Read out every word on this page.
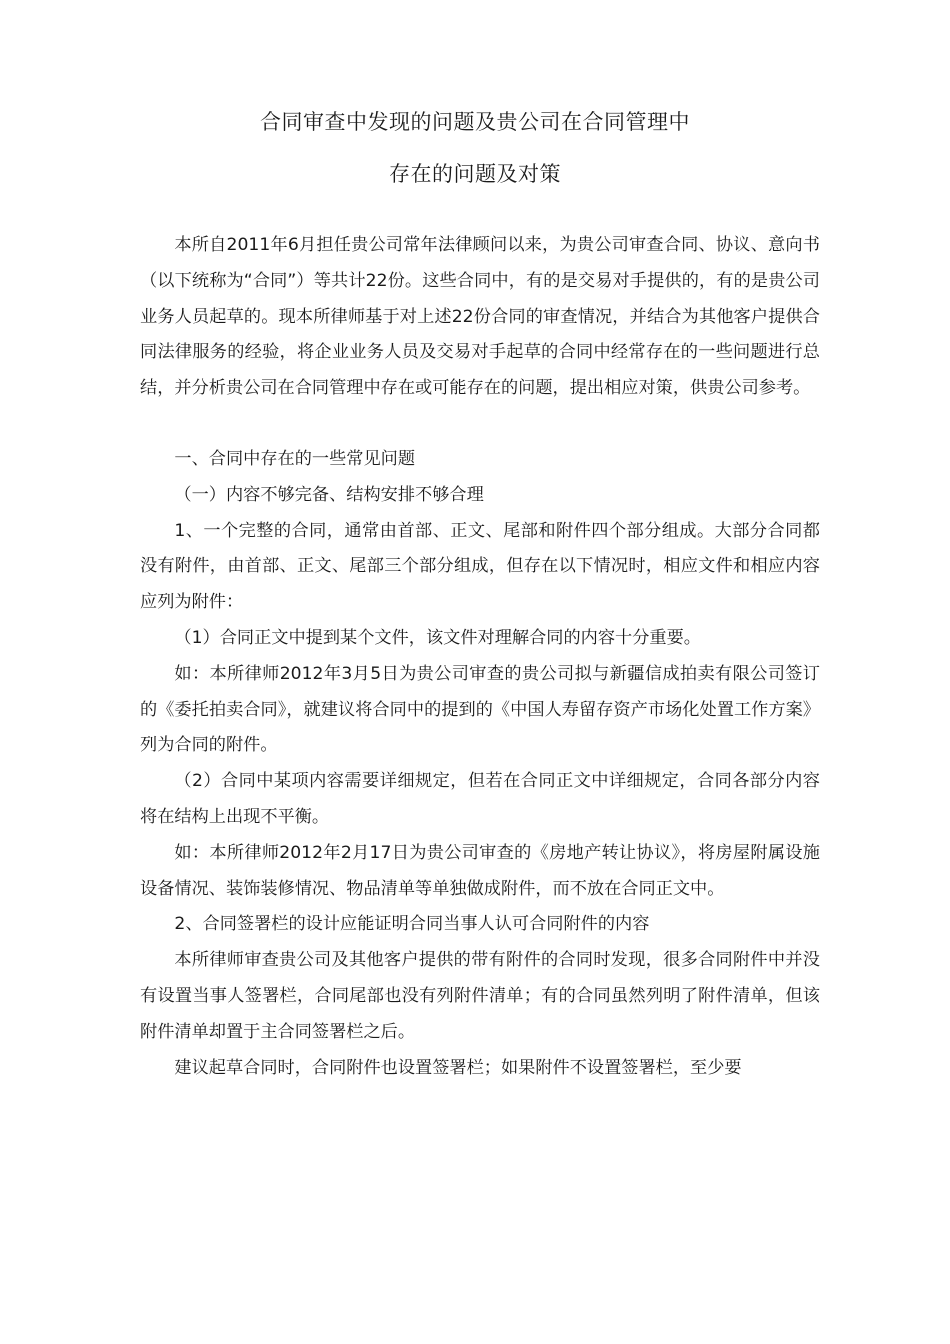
合同审查中发现的问题及贵公司在合同管理中
存在的问题及对策

本所自2011年6月担任贵公司常年法律顾问以来，为贵公司审查合同、协议、意向书（以下统称为“合同”）等共计22份。这些合同中，有的是交易对手提供的，有的是贵公司业务人员起草的。现本所律师基于对上述22份合同的审查情况，并结合为其他客户提供合同法律服务的经验，将企业业务人员及交易对手起草的合同中经常存在的一些问题进行总结，并分析贵公司在合同管理中存在或可能存在的问题，提出相应对策，供贵公司参考。

一、合同中存在的一些常见问题

（一）内容不够完备、结构安排不够合理

1、一个完整的合同，通常由首部、正文、尾部和附件四个部分组成。大部分合同都没有附件，由首部、正文、尾部三个部分组成，但存在以下情况时，相应文件和相应内容应列为附件：

（1）合同正文中提到某个文件，该文件对理解合同的内容十分重要。

如：本所律师2012年3月5日为贵公司审查的贵公司拟与新疆信成拍卖有限公司签订的《委托拍卖合同》，就建议将合同中的提到的《中国人寿留存资产市场化处置工作方案》列为合同的附件。

（2）合同中某项内容需要详细规定，但若在合同正文中详细规定，合同各部分内容将在结构上出现不平衡。

如：本所律师2012年2月17日为贵公司审查的《房地产转让协议》，将房屋附属设施设备情况、装饰装修情况、物品清单等单独做成附件，而不放在合同正文中。

2、合同签署栏的设计应能证明合同当事人认可合同附件的内容

本所律师审查贵公司及其他客户提供的带有附件的合同时发现，很多合同附件中并没有设置当事人签署栏，合同尾部也没有列附件清单；有的合同虽然列明了附件清单，但该附件清单却置于主合同签署栏之后。

建议起草合同时，合同附件也设置签署栏；如果附件不设置签署栏，至少要
